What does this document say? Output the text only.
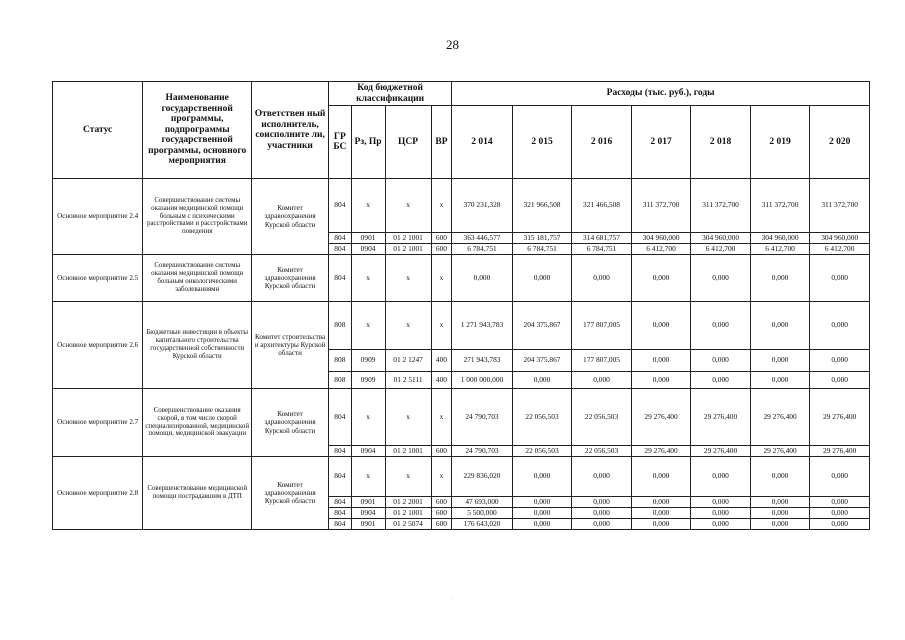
28
Статус	Наименование государственной программы, подпрограммы государственной программы, основного мероприятия	Ответствен ный исполнитель, соисполните ли, участники	Код бюджетной классификации				Расходы (тыс. руб.), годы						
			ГР БС	Рз, Пр	ЦСР	ВР	2 014	2 015	2 016	2 017	2 018	2 019	2 020
Основное мероприятие 2.4	Совершенствование системы оказания медицинской помощи больным с психическими расстройствами и расстройствами поведения	Комитет здравоохранения Курской области	804	х	х	х	370 231,328	321 966,508	321 466,508	311 372,700	311 372,700	311 372,700	311 372,700
			804	0901	01 2 1001	600	363 446,577	315 181,757	314 681,757	304 960,000	304 960,000	304 960,000	304 960,000
			804	0904	01 2 1001	600	6 784,751	6 784,751	6 784,751	6 412,700	6 412,700	6 412,700	6 412,700
Основное мероприятие 2.5	Совершенствование системы оказания медицинской помощи больным онкологическими заболеваниями	Комитет здравоохранения Курской области	804	х	х	х	0,000	0,000	0,000	0,000	0,000	0,000	0,000
Основное мероприятие 2.6	Бюджетные инвестиции в объекты капитального строительства государственной собственности Курской области	Комитет строительства и архитектуры Курской области	808	х	х	х	1 271 943,783	204 375,867	177 807,005	0,000	0,000	0,000	0,000
			808	0909	01 2 1247	400	271 943,783	204 375,867	177 807,005	0,000	0,000	0,000	0,000
			808	0909	01 2 5111	400	1 000 000,000	0,000	0,000	0,000	0,000	0,000	0,000
Основное мероприятие 2.7	Совершенствование оказания скорой, в том числе скорой специализированной, медицинской помощи, медицинской эвакуации	Комитет здравоохранения Курской области	804	х	х	х	24 790,703	22 056,503	22 056,503	29 276,400	29 276,400	29 276,400	29 276,400
			804	0904	01 2 1001	600	24 790,703	22 056,503	22 056,503	29 276,400	29 276,400	29 276,400	29 276,400
Основное мероприятие 2.8	Совершенствование медицинской помощи пострадавшим в ДТП	Комитет здравоохранения Курской области	804	х	х	х	229 836,020	0,000	0,000	0,000	0,000	0,000	0,000
			804	0901	01 2 2001	600	47 693,000	0,000	0,000	0,000	0,000	0,000	0,000
			804	0904	01 2 1001	600	5 500,000	0,000	0,000	0,000	0,000	0,000	0,000
			804	0901	01 2 5074	600	176 643,020	0,000	0,000	0,000	0,000	0,000	0,000
·
